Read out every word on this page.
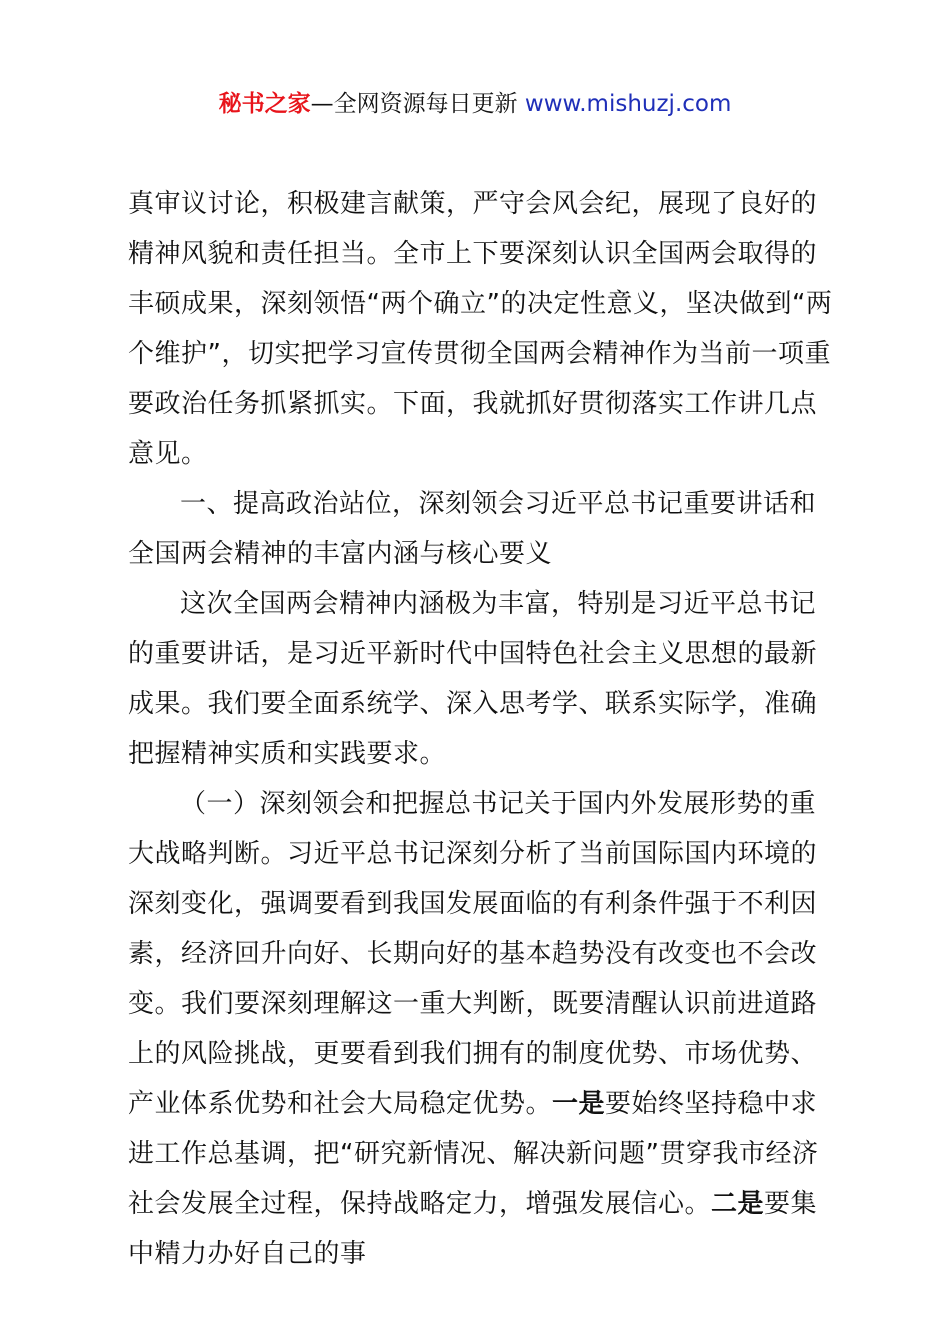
秘书之家—全网资源每日更新 www.mishuzj.com

真审议讨论，积极建言献策，严守会风会纪，展现了良好的精神风貌和责任担当。全市上下要深刻认识全国两会取得的丰硕成果，深刻领悟“两个确立”的决定性意义，坚决做到“两个维护”，切实把学习宣传贯彻全国两会精神作为当前一项重要政治任务抓紧抓实。下面，我就抓好贯彻落实工作讲几点意见。

一、提高政治站位，深刻领会习近平总书记重要讲话和全国两会精神的丰富内涵与核心要义

这次全国两会精神内涵极为丰富，特别是习近平总书记的重要讲话，是习近平新时代中国特色社会主义思想的最新成果。我们要全面系统学、深入思考学、联系实际学，准确把握精神实质和实践要求。

（一）深刻领会和把握总书记关于国内外发展形势的重大战略判断。习近平总书记深刻分析了当前国际国内环境的深刻变化，强调要看到我国发展面临的有利条件强于不利因素，经济回升向好、长期向好的基本趋势没有改变也不会改变。我们要深刻理解这一重大判断，既要清醒认识前进道路上的风险挑战，更要看到我们拥有的制度优势、市场优势、产业体系优势和社会大局稳定优势。一是要始终坚持稳中求进工作总基调，把“研究新情况、解决新问题”贯穿我市经济社会发展全过程，保持战略定力，增强发展信心。二是要集中精力办好自己的事
